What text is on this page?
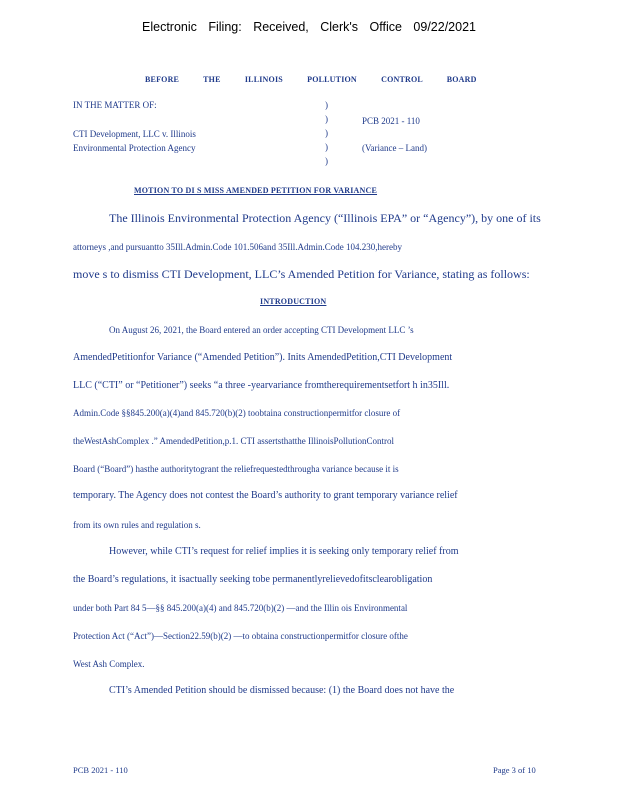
Electronic Filing: Received, Clerk's Office 09/22/2021
BEFORE THE ILLINOIS POLLUTION CONTROL BOARD
IN THE MATTER OF:
CTI Development, LLC v. Illinois
Environmental Protection Agency
)
)
)
)
)
PCB 2021 - 110
(Variance – Land)
MOTION TO DI S MISS AMENDED PETITION FOR VARIANCE
The Illinois Environmental Protection Agency (“Illinois EPA” or “Agency”), by one of its
attorneys ,and pursuantto 35Ill.Admin.Code 101.506and 35Ill.Admin.Code 104.230,hereby
move s to dismiss CTI Development, LLC’s Amended Petition for Variance, stating as follows:
INTRODUCTION
On August 26, 2021, the Board entered an order accepting CTI Development LLC ’s
AmendedPetitionfor Variance (“Amended Petition”). Inits AmendedPetition,CTI Development
LLC (“CTI” or “Petitioner”) seeks “a three -yearvariance fromtherequirementsetfort h in35Ill.
Admin.Code §§845.200(a)(4)and 845.720(b)(2) toobtaina constructionpermitfor closure of
theWestAshComplex .” AmendedPetition,p.1. CTI assertsthatthe IllinoisPollutionControl
Board (“Board”) hasthe authoritytogrant the reliefrequestedthrougha variance because it is
temporary. The Agency does not contest the Board’s authority to grant temporary variance relief
from its own rules and regulation s.
However, while CTI’s request for relief implies it is seeking only temporary relief from
the Board’s regulations, it isactually seeking tobe permanentlyrelievedofitsclearobligation
under both Part 84 5—§§ 845.200(a)(4) and 845.720(b)(2) —and the Illin ois Environmental
Protection Act (“Act”)—Section22.59(b)(2) —to obtaina constructionpermitfor closure ofthe
West Ash Complex.
CTI’s Amended Petition should be dismissed because: (1) the Board does not have the
PCB 2021 - 110	Page 3 of 10
